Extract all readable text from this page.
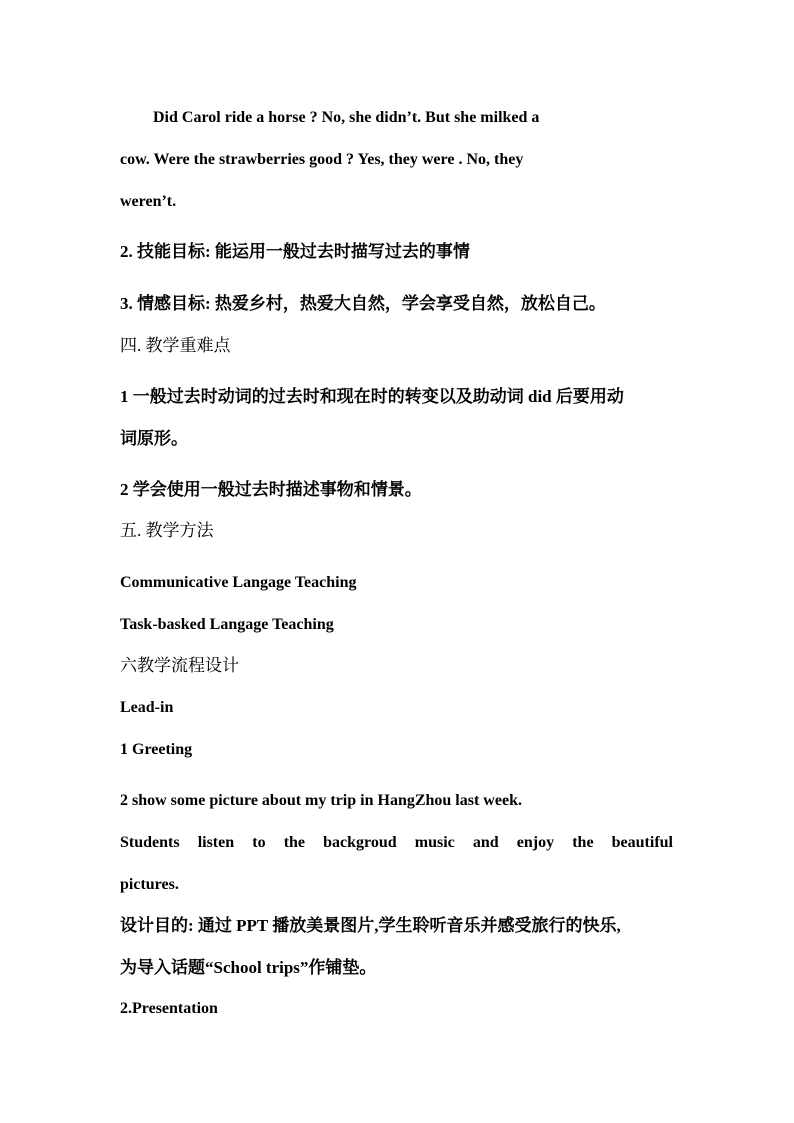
Did Carol ride a horse ? No, she didn’t. But she milked a
cow. Were the strawberries good ? Yes, they were . No, they
weren’t.
2. 技能目标: 能运用一般过去时描写过去的事情
3. 情感目标: 热爱乡村，热爱大自然，学会享受自然，放松自己。
四. 教学重难点
1 一般过去时动词的过去时和现在时的转变以及助动词 did 后要用动
词原形。
2 学会使用一般过去时描述事物和情景。
五. 教学方法
Communicative Langage Teaching
Task-basked Langage Teaching
六教学流程设计
Lead-in
1 Greeting
2 show some picture about my trip in HangZhou last week.
Students listen to the backgroud music and enjoy the beautiful
pictures.
设计目的: 通过 PPT 播放美景图片,学生聆听音乐并感受旅行的快乐,
为导入话题“School trips”作铺垫。
2.Presentation
